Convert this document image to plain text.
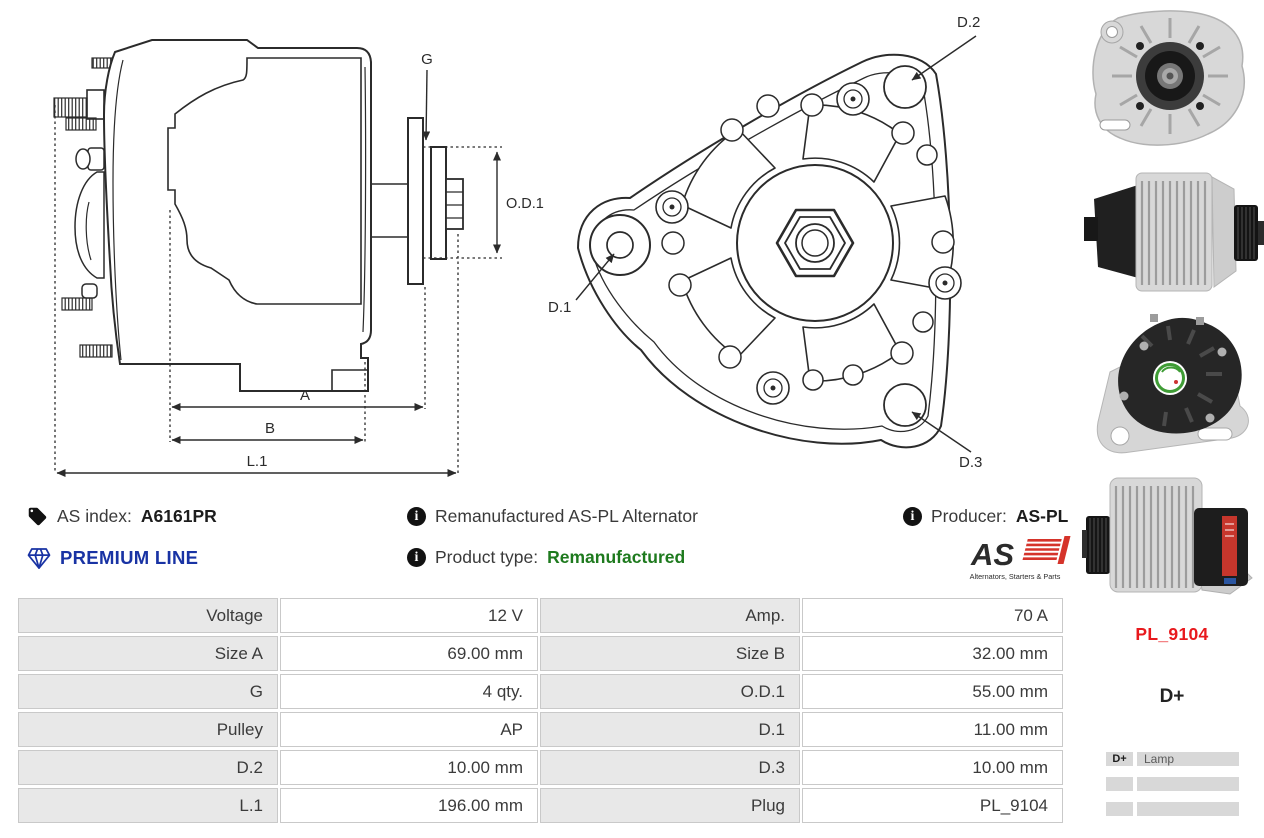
G
O.D.1
A
B
L.1
D.2
D.1
D.3
AS index: A6161PR
PREMIUM LINE
i
Remanufactured AS-PL Alternator
i
Product type: Remanufactured
i
Producer: AS-PL
AS
Alternators, Starters & Parts
Voltage	12 V	Amp.	70 A
Size A	69.00 mm	Size B	32.00 mm
G	4 qty.	O.D.1	55.00 mm
Pulley	AP	D.1	11.00 mm
D.2	10.00 mm	D.3	10.00 mm
L.1	196.00 mm	Plug	PL_9104
PL_9104
D+
D+	Lamp
